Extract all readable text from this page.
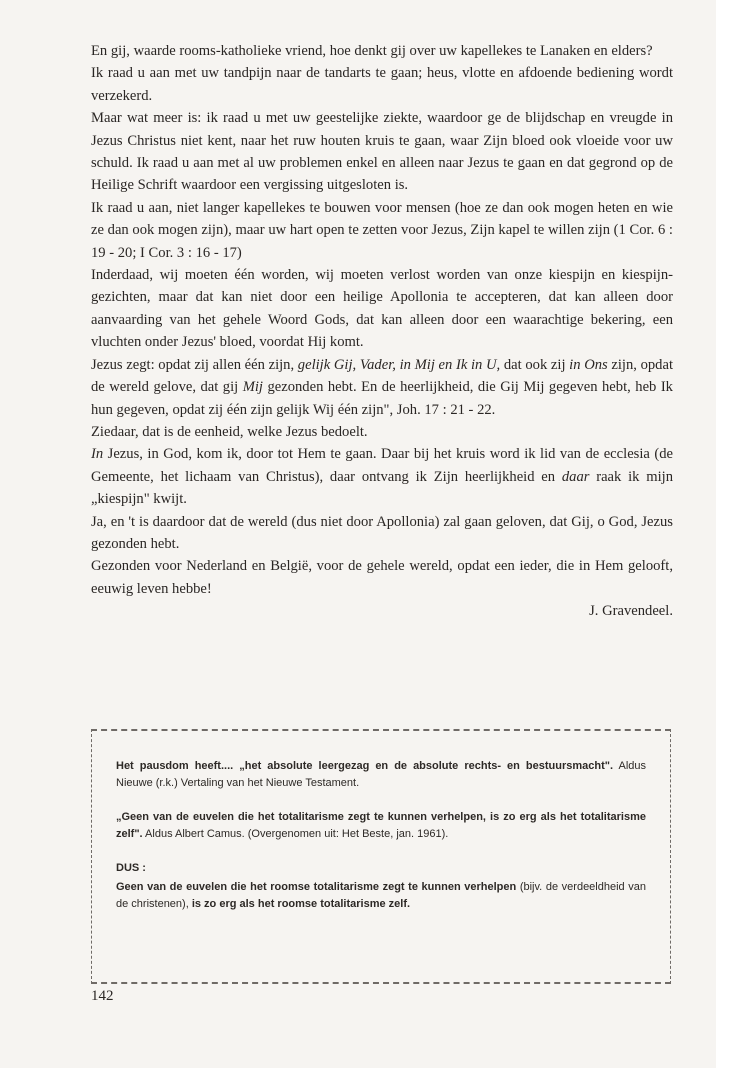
En gij, waarde rooms-katholieke vriend, hoe denkt gij over uw kapellekes te Lanaken en elders?

Ik raad u aan met uw tandpijn naar de tandarts te gaan; heus, vlotte en afdoende bediening wordt verzekerd.

Maar wat meer is: ik raad u met uw geestelijke ziekte, waardoor ge de blijdschap en vreugde in Jezus Christus niet kent, naar het ruw houten kruis te gaan, waar Zijn bloed ook vloeide voor uw schuld. Ik raad u aan met al uw problemen enkel en alleen naar Jezus te gaan en dat gegrond op de Heilige Schrift waardoor een vergissing uitgesloten is.

Ik raad u aan, niet langer kapellekes te bouwen voor mensen (hoe ze dan ook mogen heten en wie ze dan ook mogen zijn), maar uw hart open te zetten voor Jezus, Zijn kapel te willen zijn (1 Cor. 6 : 19 - 20; I Cor. 3 : 16 - 17)

Inderdaad, wij moeten één worden, wij moeten verlost worden van onze kiespijn en kiespijn-gezichten, maar dat kan niet door een heilige Apollonia te accepteren, dat kan alleen door aanvaarding van het gehele Woord Gods, dat kan alleen door een waarachtige bekering, een vluchten onder Jezus' bloed, voordat Hij komt.

Jezus zegt: opdat zij allen één zijn, gelijk Gij, Vader, in Mij en Ik in U, dat ook zij in Ons zijn, opdat de wereld gelove, dat gij Mij gezonden hebt. En de heerlijkheid, die Gij Mij gegeven hebt, heb Ik hun gegeven, opdat zij één zijn gelijk Wij één zijn", Joh. 17 : 21 - 22.

Ziedaar, dat is de eenheid, welke Jezus bedoelt.

In Jezus, in God, kom ik, door tot Hem te gaan. Daar bij het kruis word ik lid van de ecclesia (de Gemeente, het lichaam van Christus), daar ontvang ik Zijn heerlijkheid en daar raak ik mijn „kiespijn" kwijt.

Ja, en 't is daardoor dat de wereld (dus niet door Apollonia) zal gaan geloven, dat Gij, o God, Jezus gezonden hebt.

Gezonden voor Nederland en België, voor de gehele wereld, opdat een ieder, die in Hem gelooft, eeuwig leven hebbe!

J. Gravendeel.

Het pausdom heeft.... „het absolute leergezag en de absolute rechts- en bestuursmacht". Aldus Nieuwe (r.k.) Vertaling van het Nieuwe Testament.

„Geen van de euvelen die het totalitarisme zegt te kunnen verhelpen, is zo erg als het totalitarisme zelf". Aldus Albert Camus. (Overgenomen uit: Het Beste, jan. 1961).

DUS :

Geen van de euvelen die het roomse totalitarisme zegt te kunnen verhelpen (bijv. de verdeeldheid van de christenen), is zo erg als het roomse totalitarisme zelf.

142
